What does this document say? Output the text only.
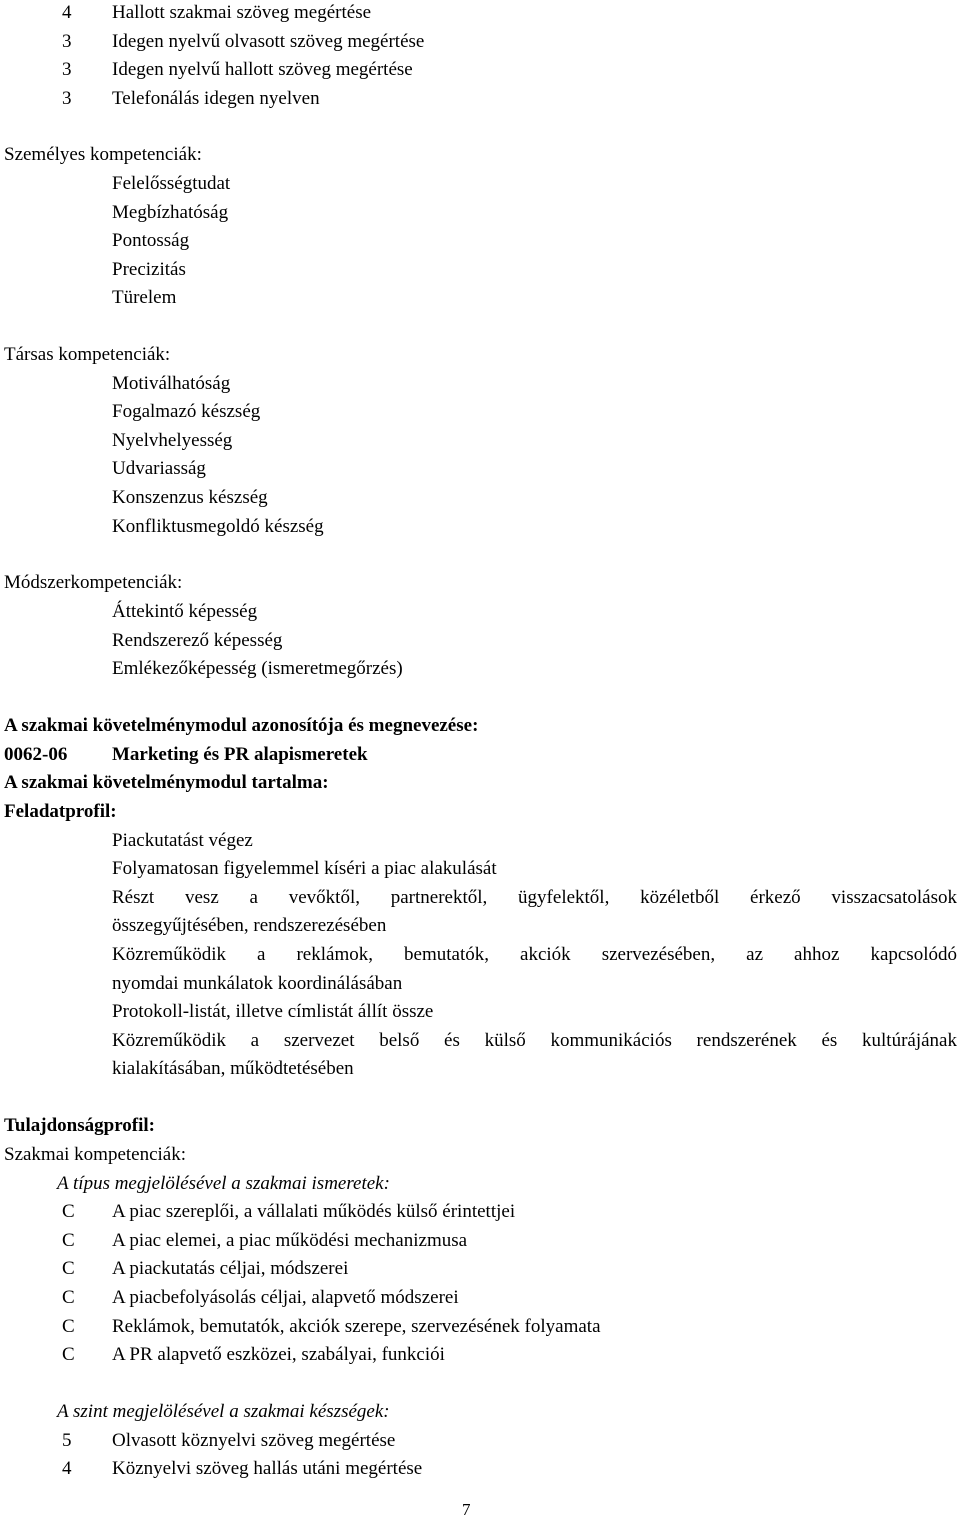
4 Hallott szakmai szöveg megértése
3 Idegen nyelvű olvasott szöveg megértése
3 Idegen nyelvű hallott szöveg megértése
3 Telefonálás idegen nyelven
Személyes kompetenciák:
Felelősségtudat
Megbízhatóság
Pontosság
Precizitás
Türelem
Társas kompetenciák:
Motiválhatóság
Fogalmazó készség
Nyelvhelyesség
Udvariasság
Konszenzus készség
Konfliktusmegoldó készség
Módszerkompetenciák:
Áttekintő képesség
Rendszerező képesség
Emlékezőképesség (ismeretmegőrzés)
A szakmai követelménymodul azonosítója és megnevezése:
0062-06 Marketing és PR alapismeretek
A szakmai követelménymodul tartalma:
Feladatprofil:
Piackutatást végez
Folyamatosan figyelemmel kíséri a piac alakulását
Részt vesz a vevőktől, partnerektől, ügyfelektől, közéletből érkező visszacsatolások
összegyűjtésében, rendszerezésében
Közreműködik a reklámok, bemutatók, akciók szervezésében, az ahhoz kapcsolódó
nyomdai munkálatok koordinálásában
Protokoll-listát, illetve címlistát állít össze
Közreműködik a szervezet belső és külső kommunikációs rendszerének és kultúrájának
kialakításában, működtetésében
Tulajdonságprofil:
Szakmai kompetenciák:
A típus megjelölésével a szakmai ismeretek:
C A piac szereplői, a vállalati működés külső érintettjei
C A piac elemei, a piac működési mechanizmusa
C A piackutatás céljai, módszerei
C A piacbefolyásolás céljai, alapvető módszerei
C Reklámok, bemutatók, akciók szerepe, szervezésének folyamata
C A PR alapvető eszközei, szabályai, funkciói
A szint megjelölésével a szakmai készségek:
5 Olvasott köznyelvi szöveg megértése
4 Köznyelvi szöveg hallás utáni megértése
7
